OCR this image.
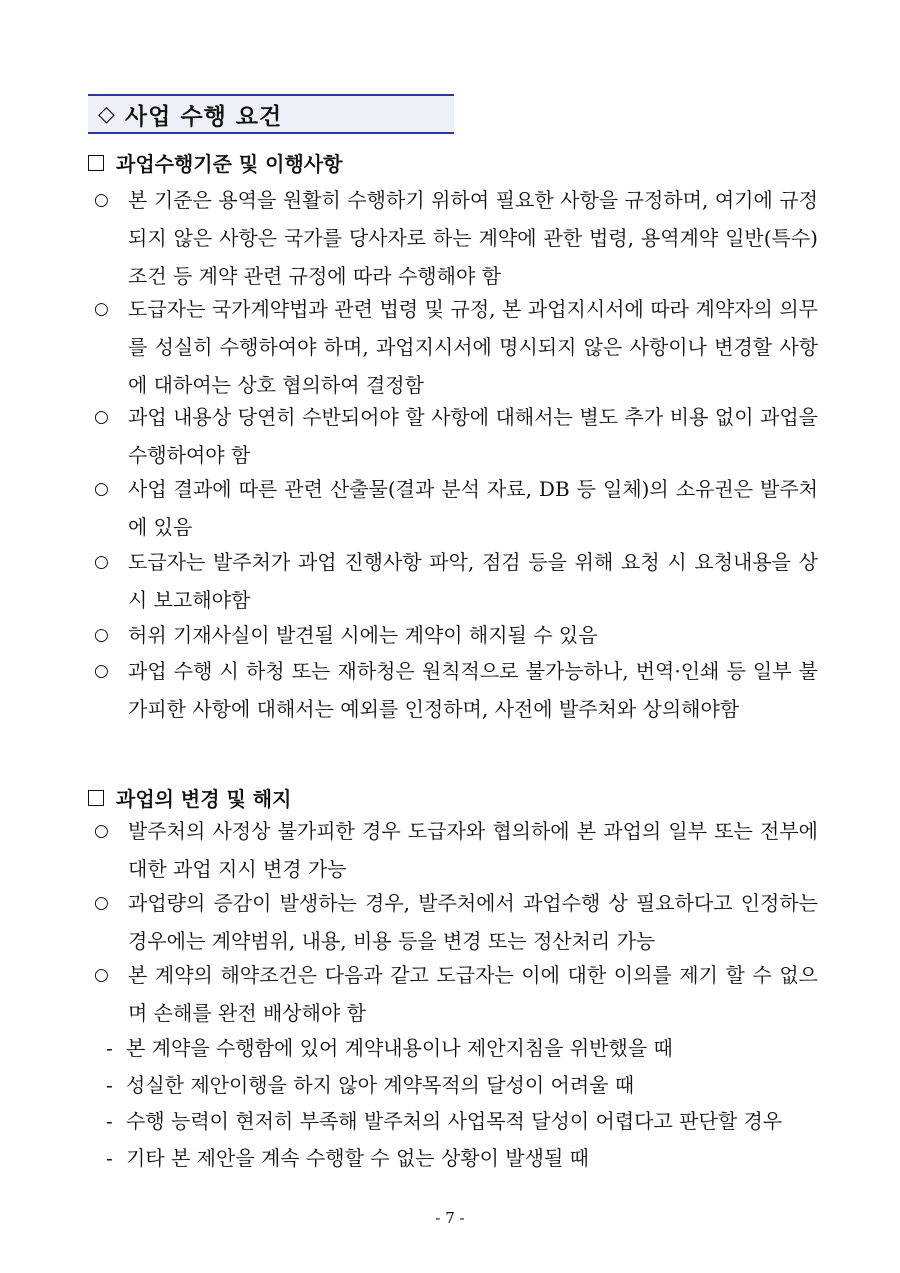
◇ 사업 수행 요건
과업수행기준 및 이행사항
○ 본 기준은 용역을 원활히 수행하기 위하여 필요한 사항을 규정하며, 여기에 규정되지 않은 사항은 국가를 당사자로 하는 계약에 관한 법령, 용역계약 일반(특수)조건 등 계약 관련 규정에 따라 수행해야 함
○ 도급자는 국가계약법과 관련 법령 및 규정, 본 과업지시서에 따라 계약자의 의무를 성실히 수행하여야 하며, 과업지시서에 명시되지 않은 사항이나 변경할 사항에 대하여는 상호 협의하여 결정함
○ 과업 내용상 당연히 수반되어야 할 사항에 대해서는 별도 추가 비용 없이 과업을 수행하여야 함
○ 사업 결과에 따른 관련 산출물(결과 분석 자료, DB 등 일체)의 소유권은 발주처에 있음
○ 도급자는 발주처가 과업 진행사항 파악, 점검 등을 위해 요청 시 요청내용을 상시 보고해야함
○ 허위 기재사실이 발견될 시에는 계약이 해지될 수 있음
○ 과업 수행 시 하청 또는 재하청은 원칙적으로 불가능하나, 번역·인쇄 등 일부 불가피한 사항에 대해서는 예외를 인정하며, 사전에 발주처와 상의해야함
과업의 변경 및 해지
○ 발주처의 사정상 불가피한 경우 도급자와 협의하에 본 과업의 일부 또는 전부에 대한 과업 지시 변경 가능
○ 과업량의 증감이 발생하는 경우, 발주처에서 과업수행 상 필요하다고 인정하는 경우에는 계약범위, 내용, 비용 등을 변경 또는 정산처리 가능
○ 본 계약의 해약조건은 다음과 같고 도급자는 이에 대한 이의를 제기 할 수 없으며 손해를 완전 배상해야 함
- 본 계약을 수행함에 있어 계약내용이나 제안지침을 위반했을 때
- 성실한 제안이행을 하지 않아 계약목적의 달성이 어려울 때
- 수행 능력이 현저히 부족해 발주처의 사업목적 달성이 어렵다고 판단할 경우
- 기타 본 제안을 계속 수행할 수 없는 상황이 발생될 때
- 7 -
